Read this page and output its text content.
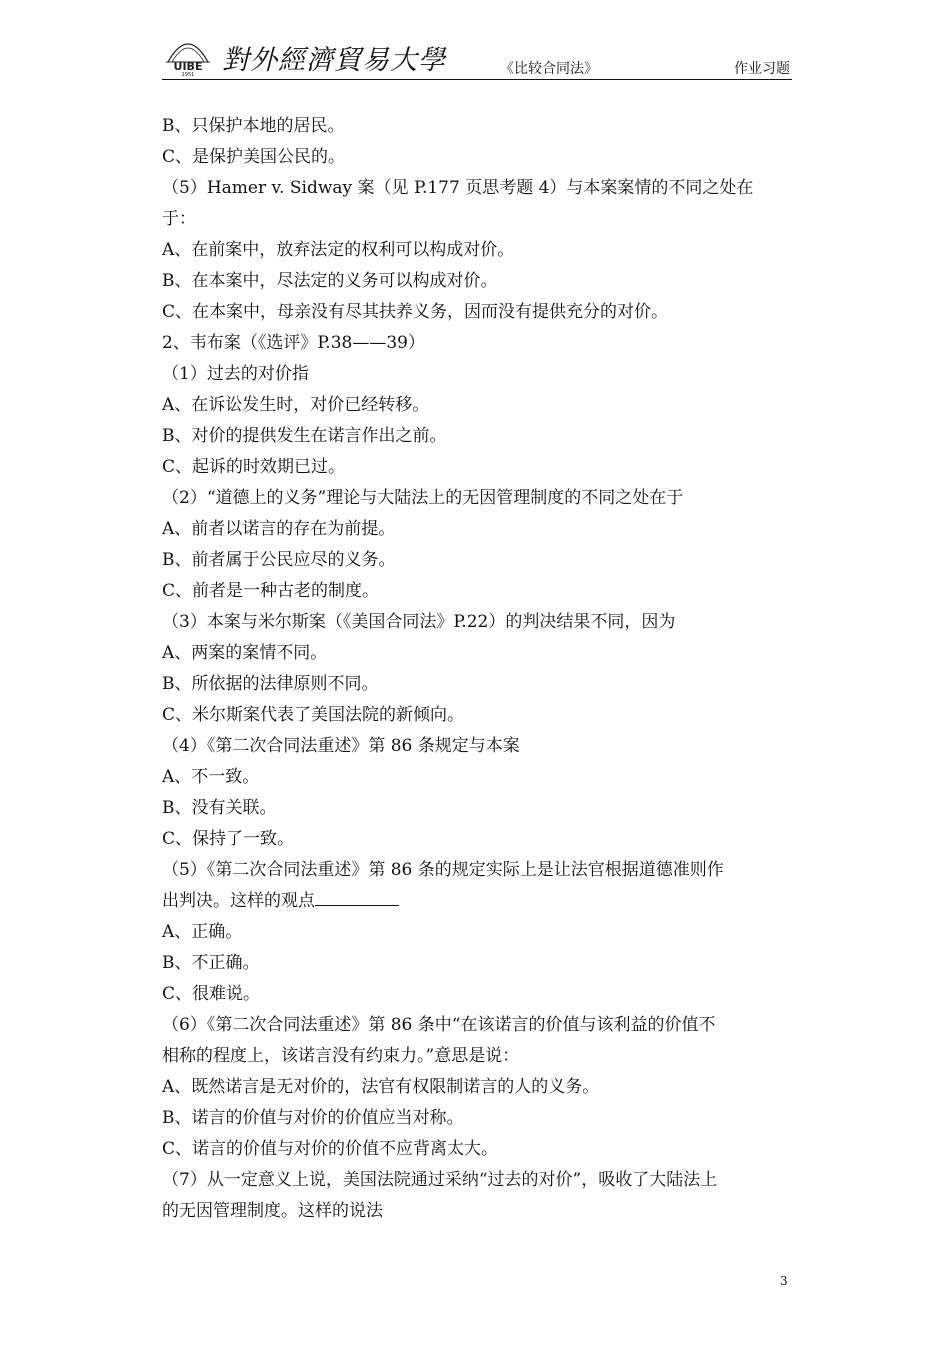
UIBE
1951 對外經濟貿易大學	《比较合同法》	作业习题
B、只保护本地的居民。
C、是保护美国公民的。
（5）Hamer v. Sidway 案（见 P.177 页思考题 4）与本案案情的不同之处在
于：
A、在前案中，放弃法定的权利可以构成对价。
B、在本案中，尽法定的义务可以构成对价。
C、在本案中，母亲没有尽其扶养义务，因而没有提供充分的对价。
2、韦布案（《选评》P.38——39）
（1）过去的对价指
A、在诉讼发生时，对价已经转移。
B、对价的提供发生在诺言作出之前。
C、起诉的时效期已过。
（2）“道德上的义务”理论与大陆法上的无因管理制度的不同之处在于
A、前者以诺言的存在为前提。
B、前者属于公民应尽的义务。
C、前者是一种古老的制度。
（3）本案与米尔斯案（《美国合同法》P.22）的判决结果不同，因为
A、两案的案情不同。
B、所依据的法律原则不同。
C、米尔斯案代表了美国法院的新倾向。
（4）《第二次合同法重述》第 86 条规定与本案
A、不一致。
B、没有关联。
C、保持了一致。
（5）《第二次合同法重述》第 86 条的规定实际上是让法官根据道德准则作
出判决。这样的观点
A、正确。
B、不正确。
C、很难说。
（6）《第二次合同法重述》第 86 条中“在该诺言的价值与该利益的价值不
相称的程度上，该诺言没有约束力。”意思是说：
A、既然诺言是无对价的，法官有权限制诺言的人的义务。
B、诺言的价值与对价的价值应当对称。
C、诺言的价值与对价的价值不应背离太大。
（7）从一定意义上说，美国法院通过采纳“过去的对价”，吸收了大陆法上
的无因管理制度。这样的说法
3
